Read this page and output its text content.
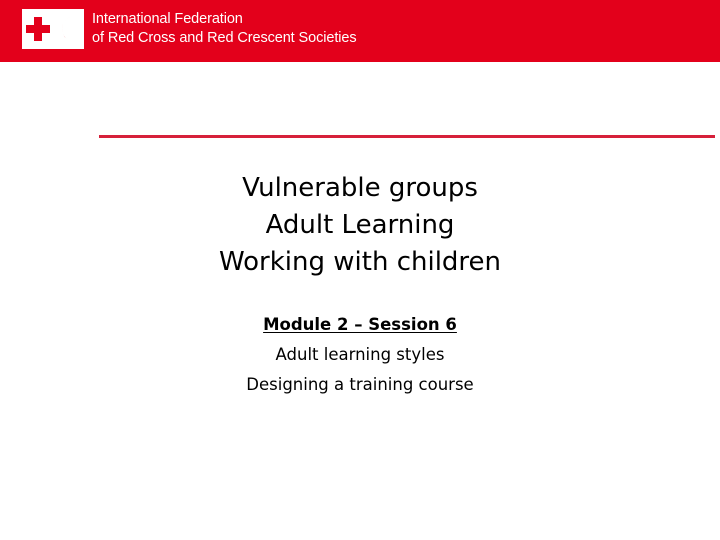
International Federation
of Red Cross and Red Crescent Societies
Vulnerable groups
Adult Learning
Working with children
Module 2 – Session 6
Adult learning styles
Designing a training course
